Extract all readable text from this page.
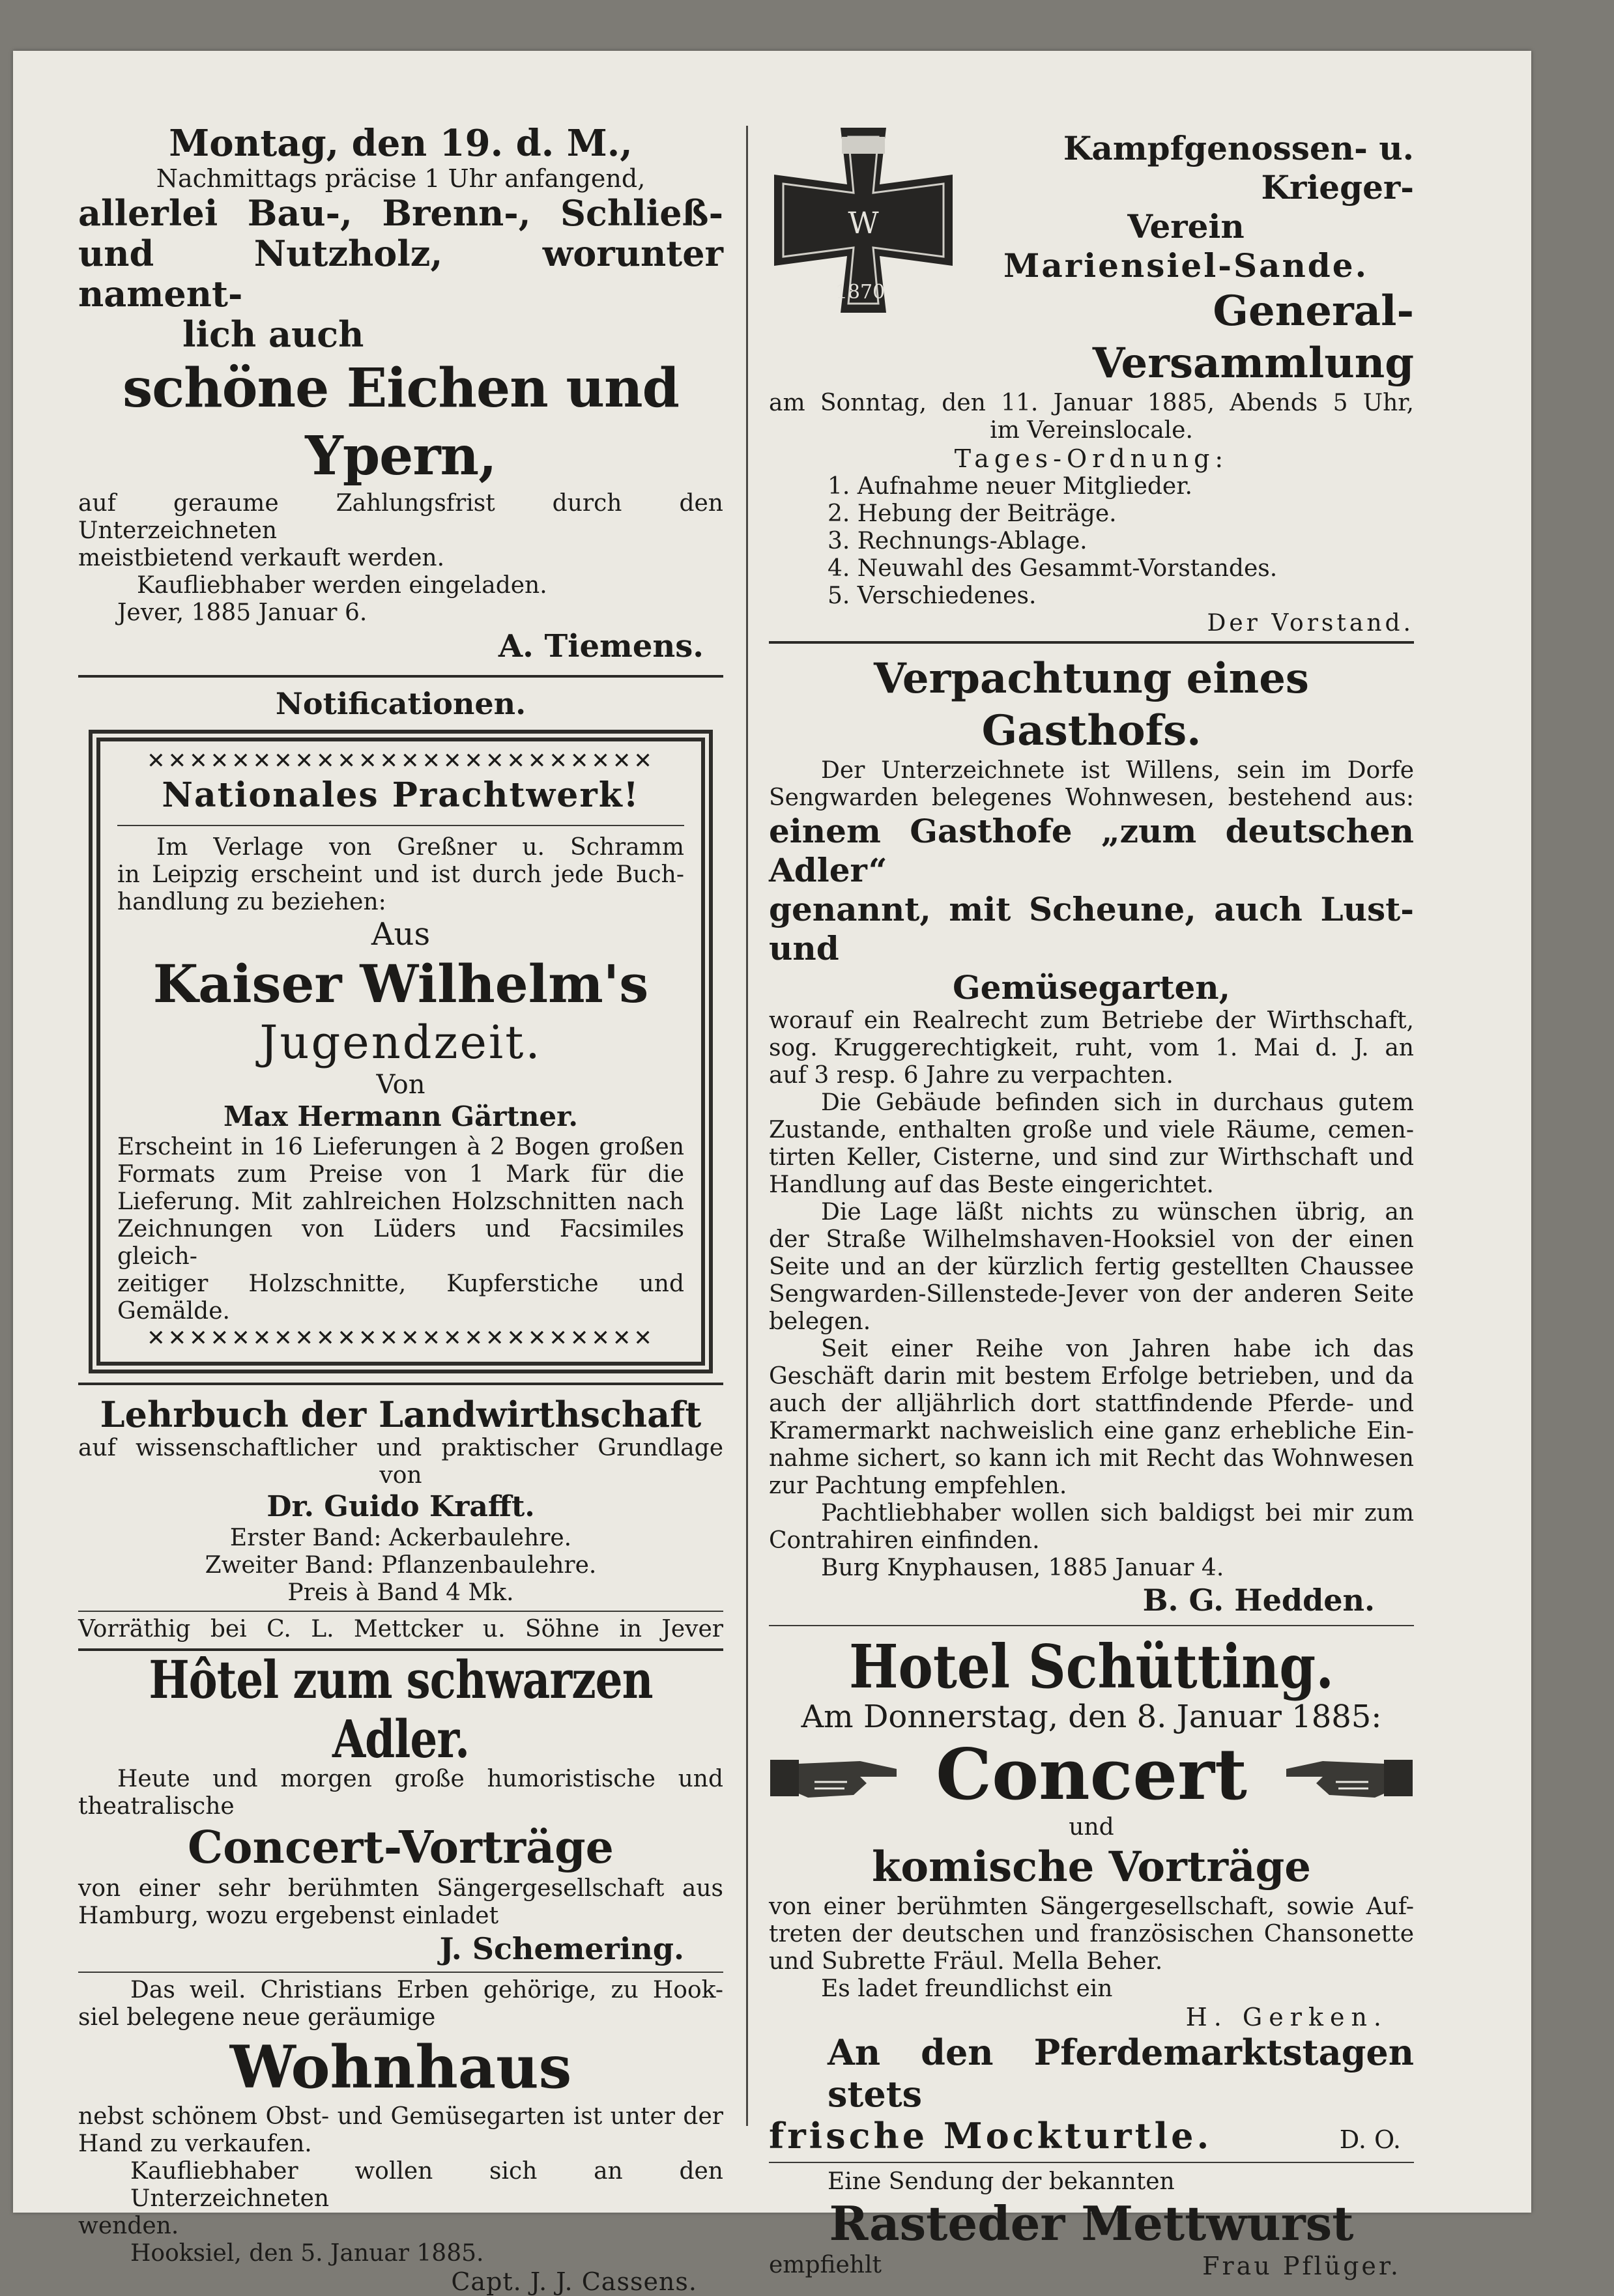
Montag, den 19. d. M.,

Nachmittags präcise 1 Uhr anfangend,

allerlei Bau-, Brenn-, Schließ-

und Nutzholz, worunter nament-

lich auch

schöne Eichen und Ypern,

auf geraume Zahlungsfrist durch den Unterzeichneten

meistbietend verkauft werden.

Kaufliebhaber werden eingeladen.

Jever, 1885 Januar 6.

A. Tiemens.

Notificationen.

✕✕✕✕✕✕✕✕✕✕✕✕✕✕✕✕✕✕✕✕✕✕✕✕

Nationales Prachtwerk!

Im Verlage von Greßner u. Schramm

in Leipzig erscheint und ist durch jede Buch-

handlung zu beziehen:

Aus

Kaiser Wilhelm's

Jugendzeit.

Von

Max Hermann Gärtner.

Erscheint in 16 Lieferungen à 2 Bogen großen

Formats zum Preise von 1 Mark für die

Lieferung. Mit zahlreichen Holzschnitten nach

Zeichnungen von Lüders und Facsimiles gleich-

zeitiger Holzschnitte, Kupferstiche und Gemälde.

✕✕✕✕✕✕✕✕✕✕✕✕✕✕✕✕✕✕✕✕✕✕✕✕

Lehrbuch der Landwirthschaft

auf wissenschaftlicher und praktischer Grundlage

von

Dr. Guido Krafft.

Erster Band: Ackerbaulehre.

Zweiter Band: Pflanzenbaulehre.

Preis à Band 4 Mk.

Vorräthig bei C. L. Mettcker u. Söhne in Jever

Hôtel zum schwarzen Adler.

Heute und morgen große humoristische und

theatralische

Concert-Vorträge

von einer sehr berühmten Sängergesellschaft aus

Hamburg, wozu ergebenst einladet

J. Schemering.

Das weil. Christians Erben gehörige, zu Hook-

siel belegene neue geräumige

Wohnhaus

nebst schönem Obst- und Gemüsegarten ist unter der

Hand zu verkaufen.

Kaufliebhaber wollen sich an den Unterzeichneten

wenden.

Hooksiel, den 5. Januar 1885.

Capt. J. J. Cassens.

W
1870

Kampfgenossen- u. Krieger-

Verein

Mariensiel-Sande.

General-Versammlung

am Sonntag, den 11. Januar 1885, Abends 5 Uhr,

im Vereinslocale.

Tages-Ordnung:

1. Aufnahme neuer Mitglieder.

2. Hebung der Beiträge.

3. Rechnungs-Ablage.

4. Neuwahl des Gesammt-Vorstandes.

5. Verschiedenes.

Der Vorstand.

Verpachtung eines Gasthofs.

Der Unterzeichnete ist Willens, sein im Dorfe

Sengwarden belegenes Wohnwesen, bestehend aus:

einem Gasthofe „zum deutschen Adler“

genannt, mit Scheune, auch Lust- und

Gemüsegarten,

worauf ein Realrecht zum Betriebe der Wirthschaft,

sog. Kruggerechtigkeit, ruht, vom 1. Mai d. J. an

auf 3 resp. 6 Jahre zu verpachten.

Die Gebäude befinden sich in durchaus gutem

Zustande, enthalten große und viele Räume, cemen-

tirten Keller, Cisterne, und sind zur Wirthschaft und

Handlung auf das Beste eingerichtet.

Die Lage läßt nichts zu wünschen übrig, an

der Straße Wilhelmshaven-Hooksiel von der einen

Seite und an der kürzlich fertig gestellten Chaussee

Sengwarden-Sillenstede-Jever von der anderen Seite

belegen.

Seit einer Reihe von Jahren habe ich das

Geschäft darin mit bestem Erfolge betrieben, und da

auch der alljährlich dort stattfindende Pferde- und

Kramermarkt nachweislich eine ganz erhebliche Ein-

nahme sichert, so kann ich mit Recht das Wohnwesen

zur Pachtung empfehlen.

Pachtliebhaber wollen sich baldigst bei mir zum

Contrahiren einfinden.

Burg Knyphausen, 1885 Januar 4.

B. G. Hedden.

Hotel Schütting.

Am Donnerstag, den 8. Januar 1885:

Concert

und

komische Vorträge

von einer berühmten Sängergesellschaft, sowie Auf-

treten der deutschen und französischen Chansonette

und Subrette Fräul. Mella Beher.

Es ladet freundlichst ein

H. Gerken.

An den Pferdemarktstagen stets

frische Mockturtle.	D. O.

Eine Sendung der bekannten

Rasteder Mettwurst

empfiehlt	Frau Pflüger.
